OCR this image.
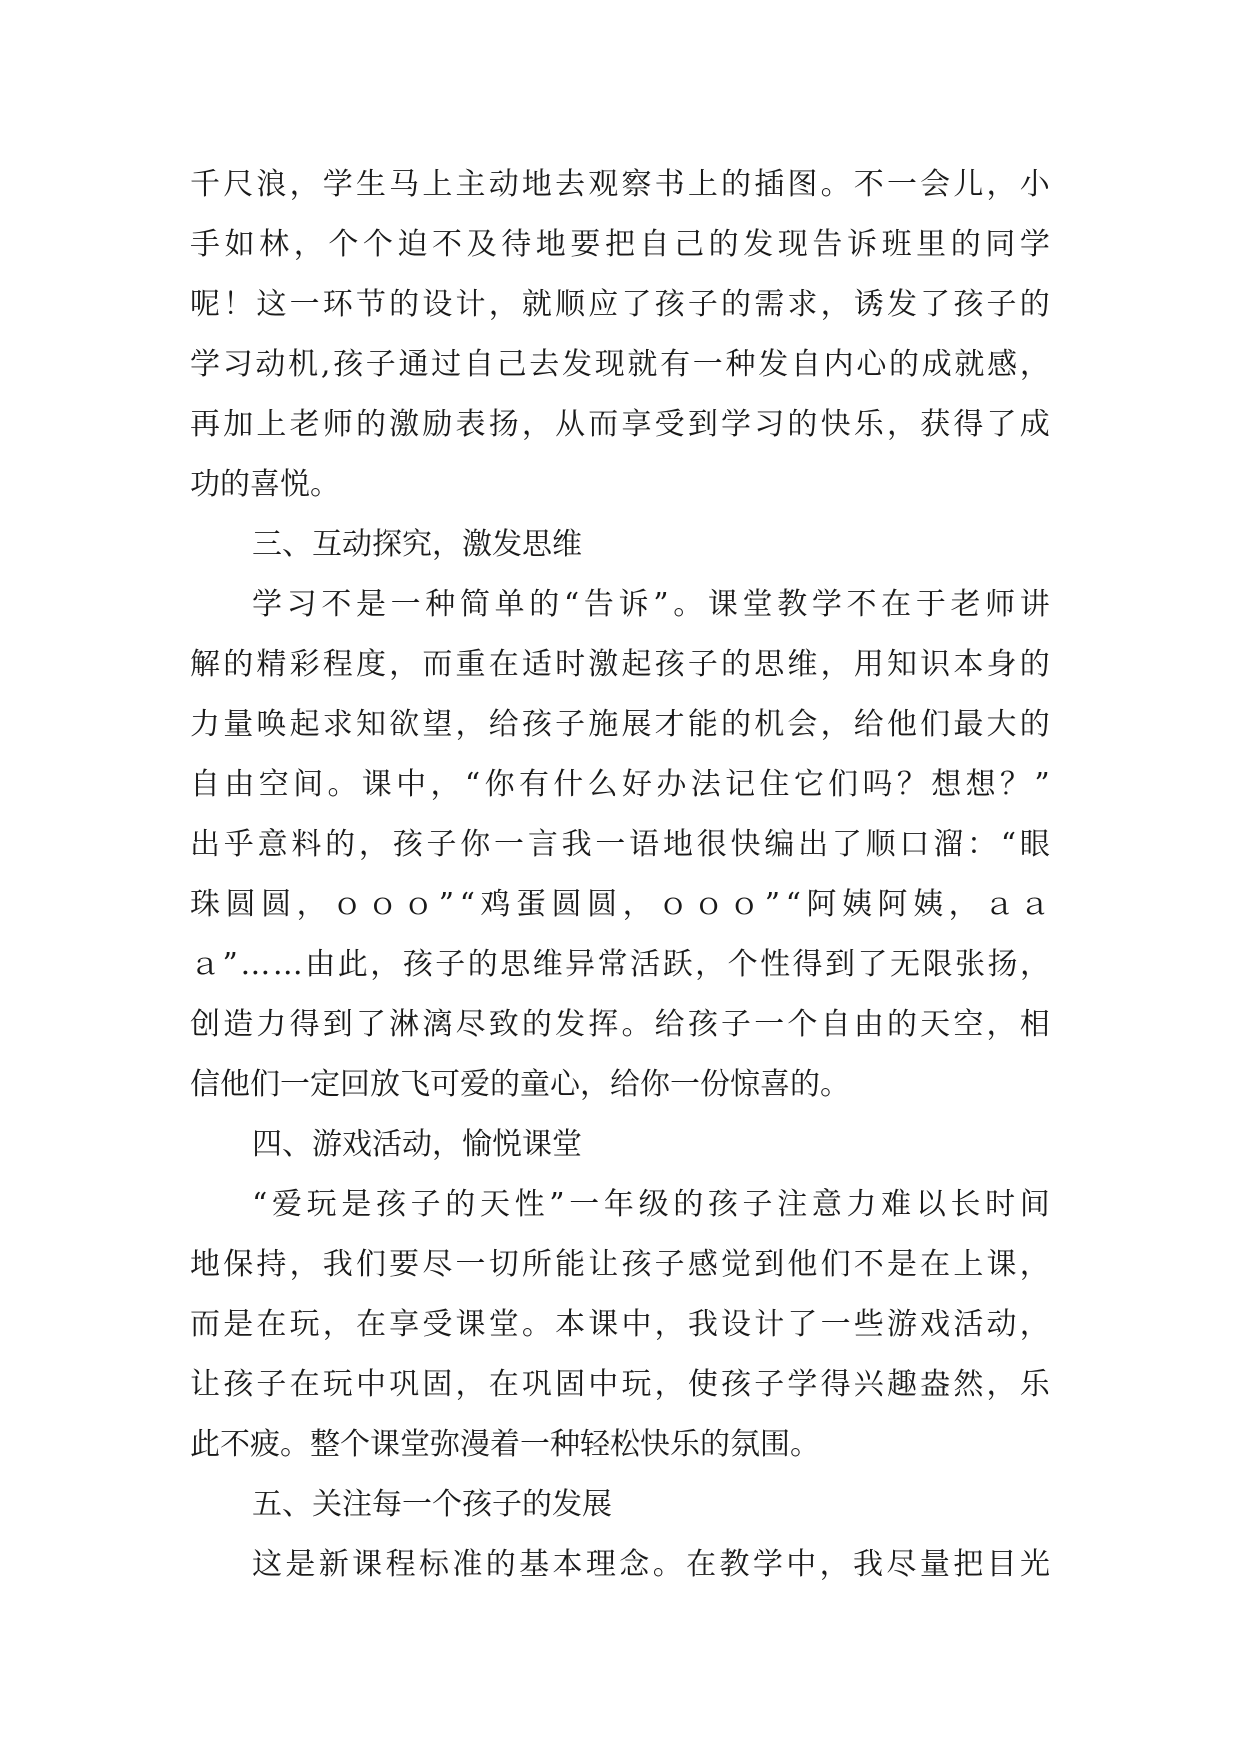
千 尺 浪 ， 学 生 马 上 主 动 地 去 观 察 书 上 的 插 图 。 不 一 会 儿 ， 小
手 如 林 ， 个 个 迫 不 及 待 地 要 把 自 己 的 发 现 告 诉 班 里 的 同 学
呢 ！ 这 一 环 节 的 设 计 ， 就 顺 应 了 孩 子 的 需 求 ， 诱 发 了 孩 子 的
学 习 动 机 , 孩 子 通 过 自 己 去 发 现 就 有 一 种 发 自 内 心 的 成 就 感 ，
再 加 上 老 师 的 激 励 表 扬 ， 从 而 享 受 到 学 习 的 快 乐 ， 获 得 了 成
功的喜悦。
三、互动探究，激发思维
学 习 不 是 一 种 简 单 的 “ 告 诉 ” 。 课 堂 教 学 不 在 于 老 师 讲
解 的 精 彩 程 度 ， 而 重 在 适 时 激 起 孩 子 的 思 维 ， 用 知 识 本 身 的
力 量 唤 起 求 知 欲 望 ， 给 孩 子 施 展 才 能 的 机 会 ， 给 他 们 最 大 的
自 由 空 间 。 课 中 ， “ 你 有 什 么 好 办 法 记 住 它 们 吗 ？ 想 想 ？ ”
出 乎 意 料 的 ， 孩 子 你 一 言 我 一 语 地 很 快 编 出 了 顺 口 溜 ： “ 眼
珠 圆 圆 ， ｏ ｏ ｏ ” “ 鸡 蛋 圆 圆 ， ｏ ｏ ｏ ” “ 阿 姨 阿 姨 ， ａ ａ
ａ ” … … 由 此 ， 孩 子 的 思 维 异 常 活 跃 ， 个 性 得 到 了 无 限 张 扬 ，
创 造 力 得 到 了 淋 漓 尽 致 的 发 挥 。 给 孩 子 一 个 自 由 的 天 空 ， 相
信他们一定回放飞可爱的童心，给你一份惊喜的。
四、游戏活动，愉悦课堂
“ 爱 玩 是 孩 子 的 天 性 ” 一 年 级 的 孩 子 注 意 力 难 以 长 时 间
地 保 持 ， 我 们 要 尽 一 切 所 能 让 孩 子 感 觉 到 他 们 不 是 在 上 课 ，
而 是 在 玩 ， 在 享 受 课 堂 。 本 课 中 ， 我 设 计 了 一 些 游 戏 活 动 ，
让 孩 子 在 玩 中 巩 固 ， 在 巩 固 中 玩 ， 使 孩 子 学 得 兴 趣 盎 然 ， 乐
此不疲。整个课堂弥漫着一种轻松快乐的氛围。
五、关注每一个孩子的发展
这 是 新 课 程 标 准 的 基 本 理 念 。 在 教 学 中 ， 我 尽 量 把 目 光
